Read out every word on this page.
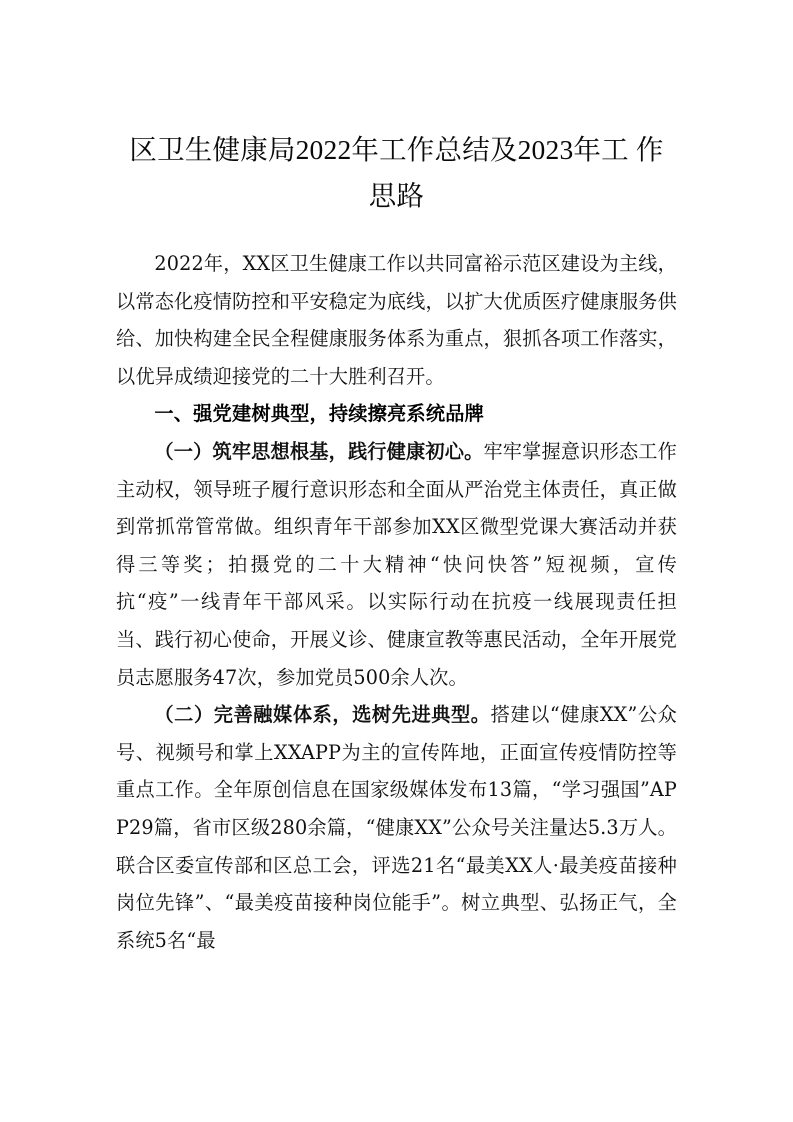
区卫生健康局2022年工作总结及2023年工 作思路

2022年，XX区卫生健康工作以共同富裕示范区建设为主线，以常态化疫情防控和平安稳定为底线，以扩大优质医疗健康服务供给、加快构建全民全程健康服务体系为重点，狠抓各项工作落实，以优异成绩迎接党的二十大胜利召开。

一、强党建树典型，持续擦亮系统品牌

（一）筑牢思想根基，践行健康初心。牢牢掌握意识形态工作主动权，领导班子履行意识形态和全面从严治党主体责任，真正做到常抓常管常做。组织青年干部参加XX区微型党课大赛活动并获得三等奖；拍摄党的二十大精神“快问快答”短视频，宣传抗“疫”一线青年干部风采。以实际行动在抗疫一线展现责任担当、践行初心使命，开展义诊、健康宣教等惠民活动，全年开展党员志愿服务47次，参加党员500余人次。

（二）完善融媒体系，选树先进典型。搭建以“健康XX”公众号、视频号和掌上XXAPP为主的宣传阵地，正面宣传疫情防控等重点工作。全年原创信息在国家级媒体发布13篇，“学习强国”APP29篇，省市区级280余篇，“健康XX”公众号关注量达5.3万人。联合区委宣传部和区总工会，评选21名“最美XX人·最美疫苗接种岗位先锋”、“最美疫苗接种岗位能手”。树立典型、弘扬正气，全系统5名“最
